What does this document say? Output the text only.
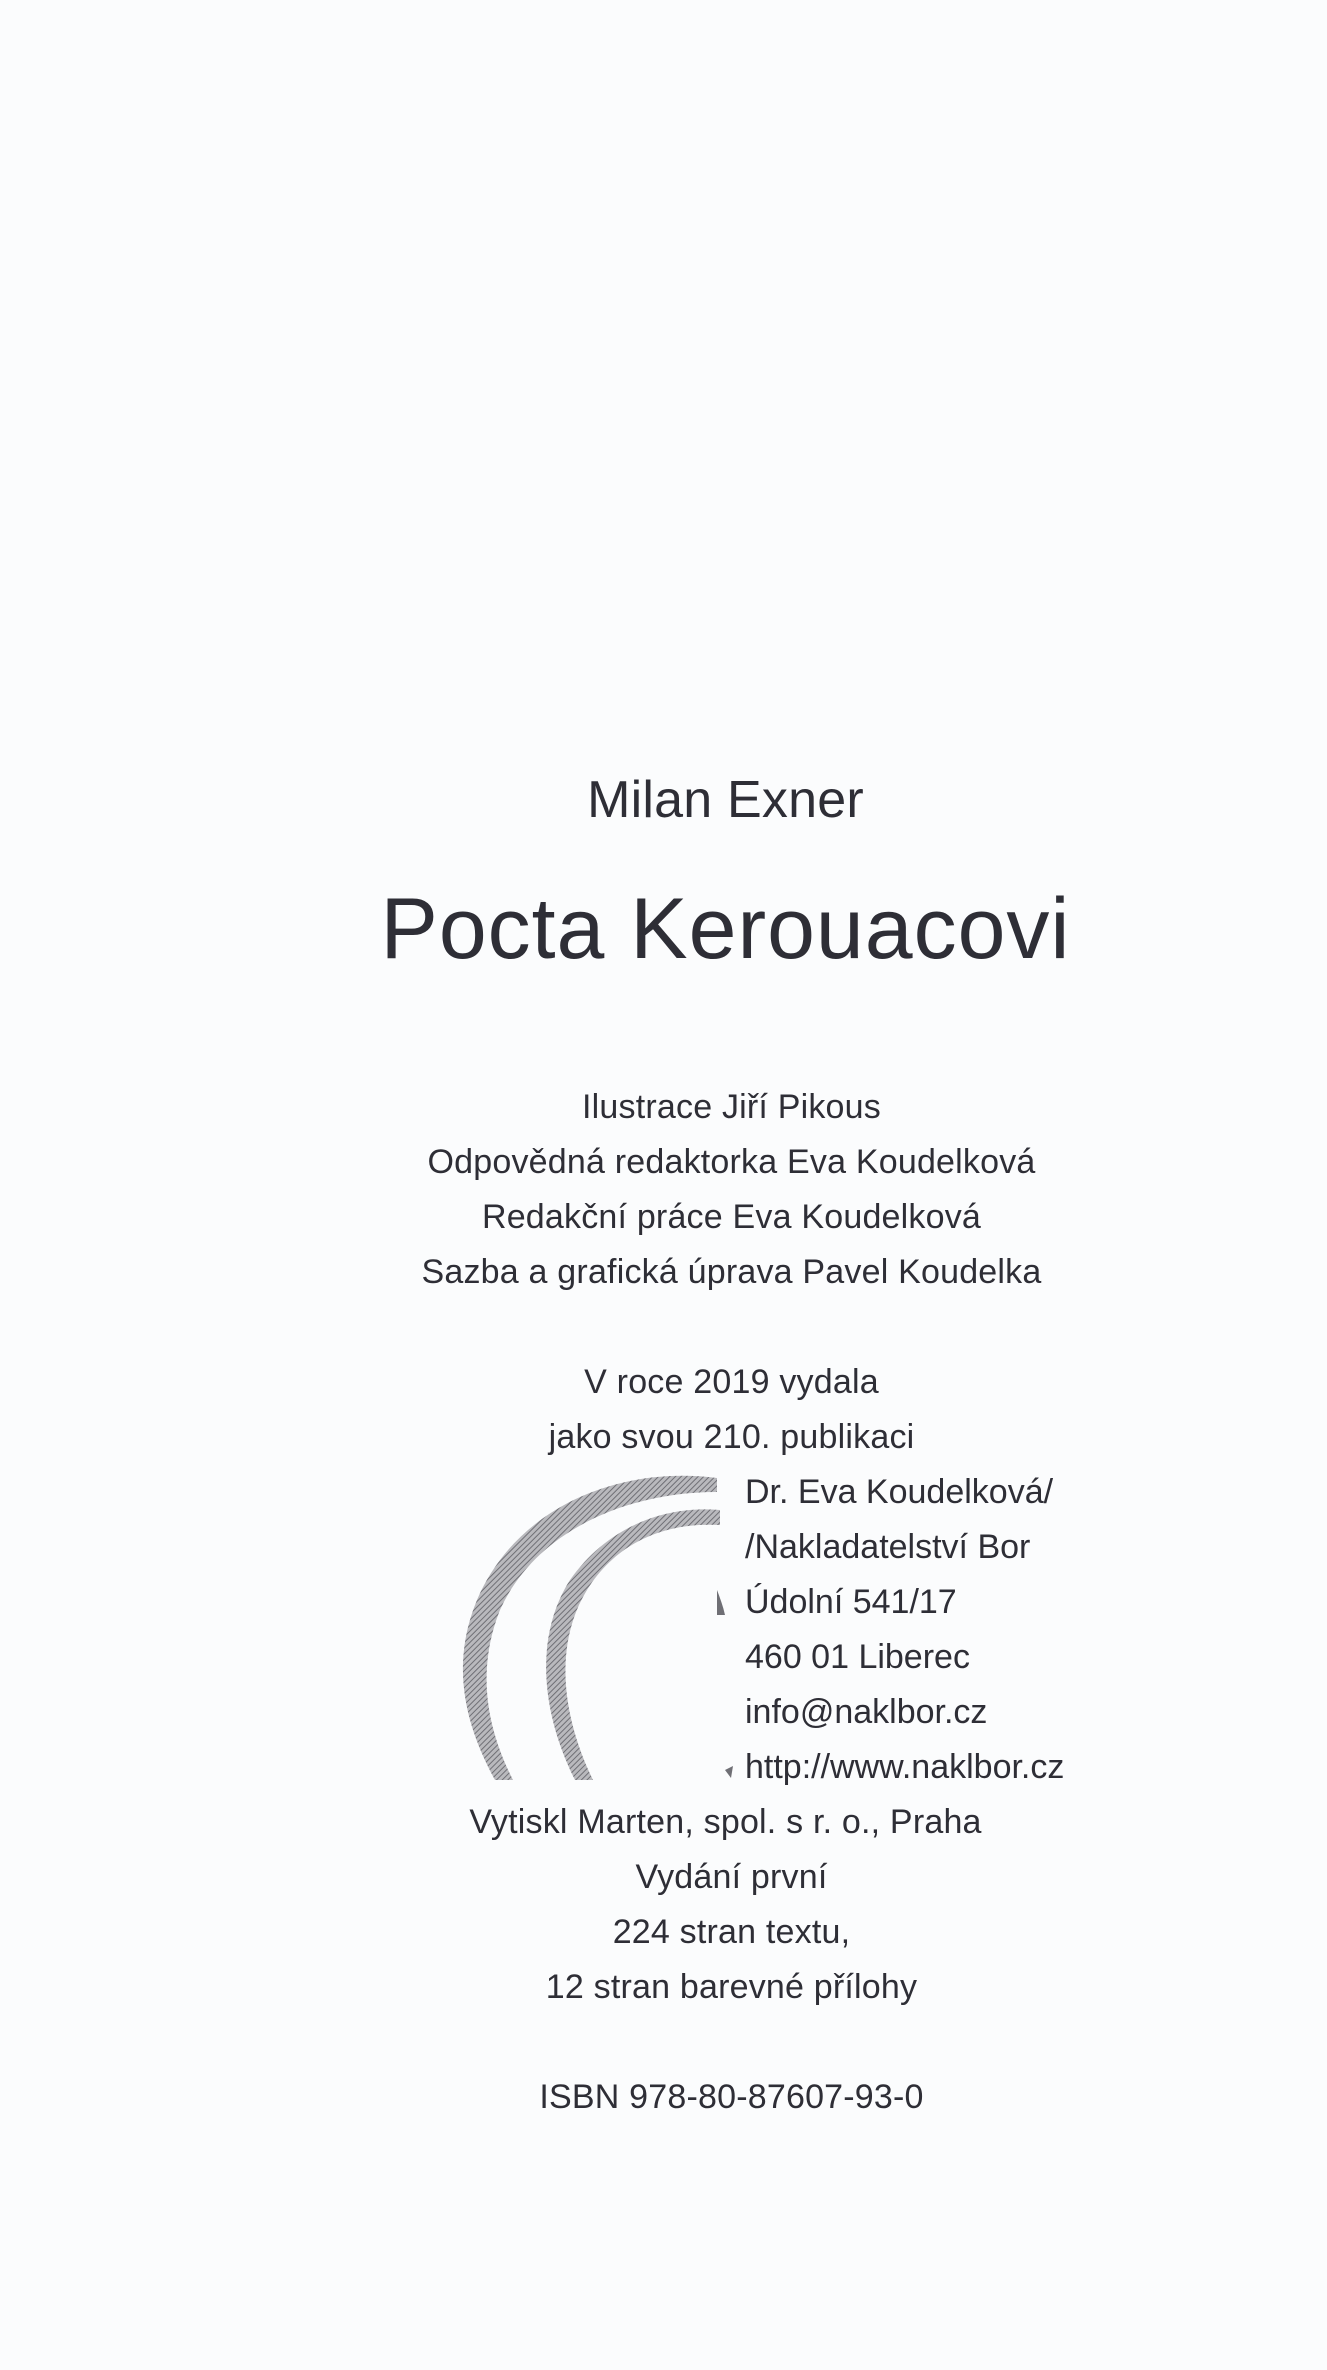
Milan Exner
Pocta Kerouacovi
Ilustrace Jiří Pikous
Odpovědná redaktorka Eva Koudelková
Redakční práce Eva Koudelková
Sazba a grafická úprava Pavel Koudelka
V roce 2019 vydala
jako svou 210. publikaci
Dr. Eva Koudelková/
/Nakladatelství Bor
Údolní 541/17
460 01 Liberec
info@naklbor.cz
http://www.naklbor.cz
Vytiskl Marten, spol. s r. o., Praha
Vydání první
224 stran textu,
12 stran barevné přílohy
ISBN 978-80-87607-93-0
